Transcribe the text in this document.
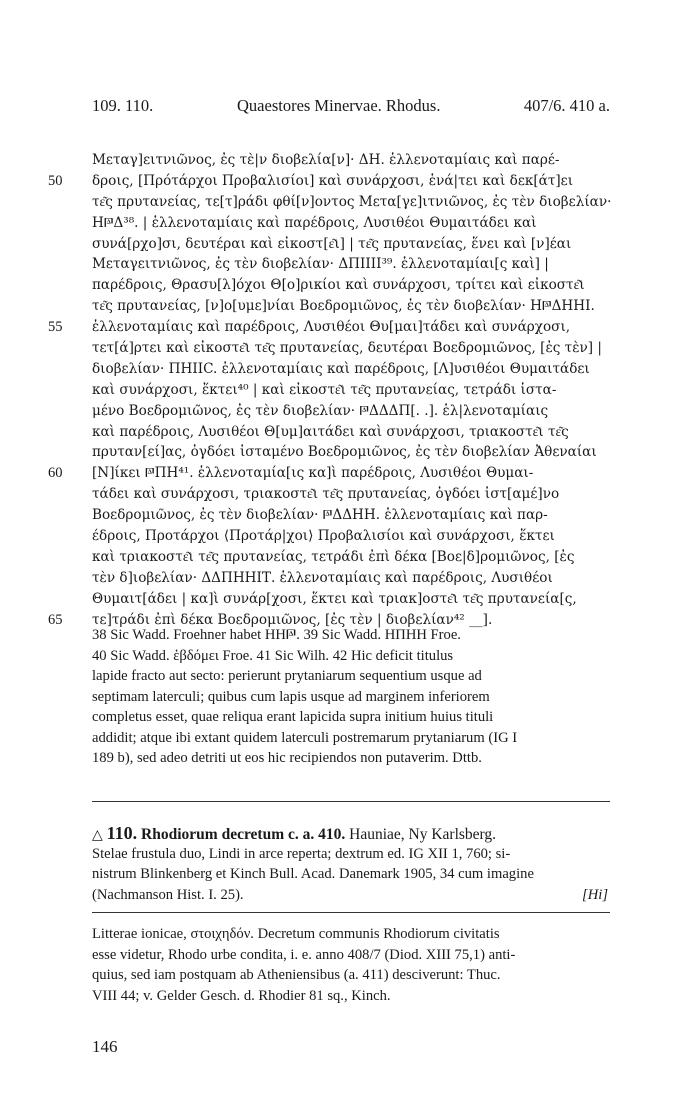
109. 110.	Quaestores Minervae. Rhodus.	407/6. 410 a.
Μεταγ]ειτνιῶνος, ἐς τὲ|ν διοβελία[ν]· ΔΗ. ἑλλενοταμίαις καὶ παρέ-
50	δροις, [Πρότάρχοι Προβαλισίοι] καὶ συνάρχοσι, ἑνά|τει καὶ δεκ[άτ]ει
τε͂ς πρυτανείας, τε[τ]ράδι φθί[ν]οντος Μετα[γε]ιτνιῶνος, ἐς τὲν διοβελίαν·
Η𐅄Δ³⁸. | ἑλλενοταμίαις καὶ παρέδροις, Λυσιθέοι Θυμαιτάδει καὶ
συνά[ρχο]σι, δευτέραι καὶ εἰκοστ[ε͂ι] | τε͂ς πρυτανείας, ἕνει καὶ [ν]έαι
Μεταγειτνιῶνος, ἐς τὲν διοβελίαν· ΔΠΙΙΙΙ³⁹. ἑλλενοταμίαι[ς καὶ] |
παρέδροις, Θρασυ[λ]όχοι Θ[ο]ρικίοι καὶ συνάρχοσι, τρίτει καὶ εἰκοστε͂ι
τε͂ς πρυτανείας, [ν]ο[υμε]νίαι Βοεδρομιῶνος, ἐς τὲν διοβελίαν· Η𐅄ΔΗΗΙ.
55	ἑλλενοταμίαις καὶ παρέδροις, Λυσιθέοι Θυ[μαι]τάδει καὶ συνάρχοσι,
τετ[ά]ρτει καὶ εἰκοστε͂ι τε͂ς πρυτανείας, δευτέραι Βοεδρομιῶνος, [ἐς τὲν] |
διοβελίαν· ΠΗΙΙC. ἑλλενοταμίαις καὶ παρέδροις, [Λ]υσιθέοι Θυμαιτάδει
καὶ συνάρχοσι, ἕκτει⁴⁰ | καὶ εἰκοστε͂ι τε͂ς πρυτανείας, τετράδι ἱστα-
μένο Βοεδρομιῶνος, ἐς τὲν διοβελίαν· 𐅄ΔΔΔΠ[. .]. ἑλ|λενοταμίαις
καὶ παρέδροις, Λυσιθέοι Θ[υμ]αιτάδει καὶ συνάρχοσι, τριακοστε͂ι τε͂ς
πρυταν[εί]ας, ὀγδόει ἱσταμένο Βοεδρομιῶνος, ἐς τὲν διοβελίαν Ἀθεναίαι
60	[Ν]ίκει 𐅄ΠΗ⁴¹. ἑλλενοταμία[ις κα]ὶ παρέδροις, Λυσιθέοι Θυμαι-
τάδει καὶ συνάρχοσι, τριακοστε͂ι τε͂ς πρυτανείας, ὀγδόει ἱστ[αμέ]νο
Βοεδρομιῶνος, ἐς τὲν διοβελίαν· 𐅄ΔΔΗΗ. ἑλλενοταμίαις καὶ παρ-
έδροις, Προτάρχοι ⟨Προτάρ|χοι⟩ Προβαλισίοι καὶ συνάρχοσι, ἕκτει
καὶ τριακοστε͂ι τε͂ς πρυτανείας, τετράδι ἐπὶ δέκα [Βοε|δ]ρομιῶνος, [ἐς
τὲν δ]ιοβελίαν· ΔΔΠΗΗΙΤ. ἑλλενοταμίαις καὶ παρέδροις, Λυσιθέοι
Θυμαιτ[άδει | κα]ὶ συνάρ[χοσι, ἕκτει καὶ τριακ]οστε͂ι τε͂ς πρυτανεία[ς,
65	τε]τράδι ἐπὶ δέκα Βοεδρομιῶνος, [ἐς τὲν | διοβελίαν⁴² __].
38 Sic Wadd. Froehner habet ΗΗ𐅄. 39 Sic Wadd. ΗΠΗΗ Froe.
40 Sic Wadd. ἑβδόμει Froe. 41 Sic Wilh. 42 Hic deficit titulus
lapide fracto aut secto: perierunt prytaniarum sequentium usque ad
septimam laterculi; quibus cum lapis usque ad marginem inferiorem
completus esset, quae reliqua erant lapicida supra initium huius tituli
addidit; atque ibi extant quidem laterculi postremarum prytaniarum (IG I
189 b), sed adeo detriti ut eos hic recipiendos non putaverim. Dttb.
△ 110. Rhodiorum decretum c. a. 410. Hauniae, Ny Karlsberg.
Stelae frustula duo, Lindi in arce reperta; dextrum ed. IG XII 1, 760; si-
nistrum Blinkenberg et Kinch Bull. Acad. Danemark 1905, 34 cum imagine
(Nachmanson Hist. I. 25).	[Hi]
Litterae ionicae, στοιχηδόν. Decretum communis Rhodiorum civitatis
esse videtur, Rhodo urbe condita, i. e. anno 408/7 (Diod. XIII 75,1) anti-
quius, sed iam postquam ab Atheniensibus (a. 411) desciverunt: Thuc.
VIII 44; v. Gelder Gesch. d. Rhodier 81 sq., Kinch.
146
